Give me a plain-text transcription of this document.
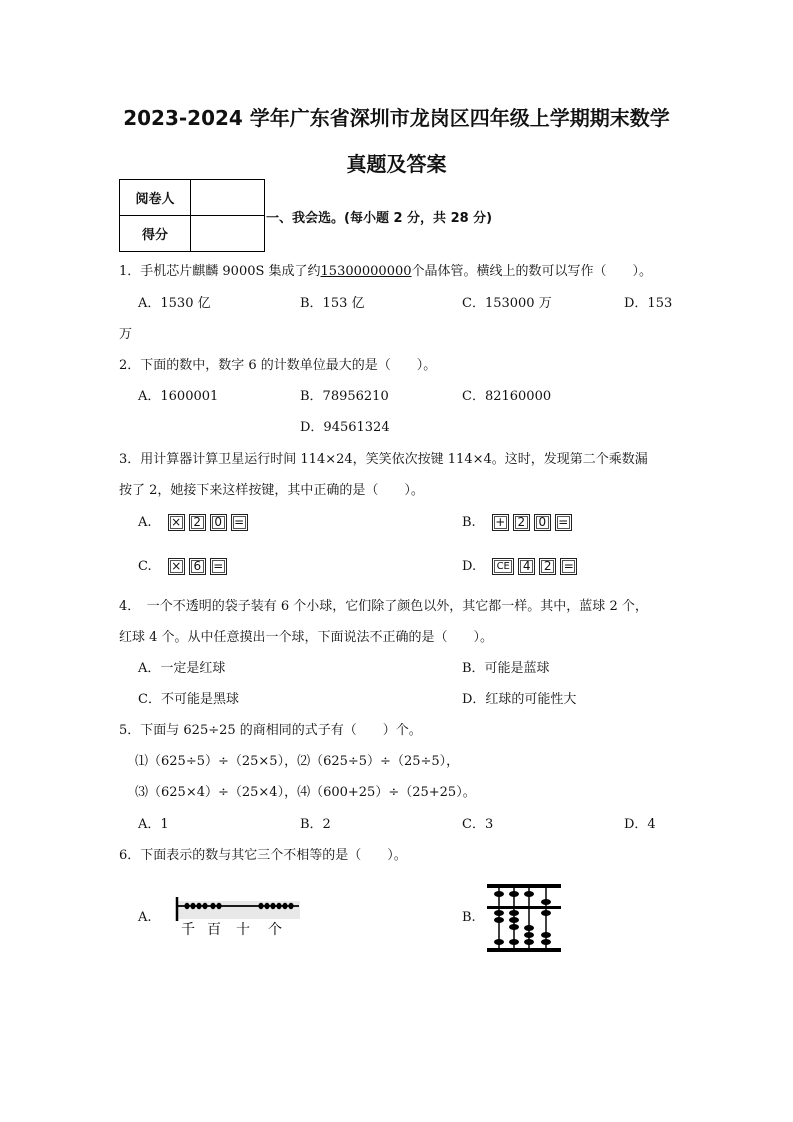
2023-2024 学年广东省深圳市龙岗区四年级上学期期末数学
真题及答案
阅卷人	
得分	
一、我会选。(每小题 2 分，共 28 分)
1．手机芯片麒麟 9000S 集成了约15300000000个晶体管。横线上的数可以写作（　　）。
A．1530 亿	B．153 亿	C．153000 万	D．153
万
2．下面的数中，数字 6 的计数单位最大的是（　　）。
A．1600001	B．78956210	C．82160000
D．94561324
3．用计算器计算卫星运行时间 114×24，笑笑依次按键 114×4。这时，发现第二个乘数漏
按了 2，她接下来这样按键，其中正确的是（　　）。
A. × 2 0 =	B. + 2 0 =
C. × 6 =	D. CE 4 2 =
4．　一个不透明的袋子装有 6 个小球，它们除了颜色以外，其它都一样。其中，蓝球 2 个，
红球 4 个。从中任意摸出一个球，下面说法不正确的是（　　）。
A．一定是红球	B．可能是蓝球
C．不可能是黑球	D．红球的可能性大
5．下面与 625÷25 的商相同的式子有（　　）个。
⑴（625÷5）÷（25×5），⑵（625÷5）÷（25÷5），
⑶（625×4）÷（25×4），⑷（600+25）÷（25+25）。
A．1	B．2	C．3	D．4
6．下面表示的数与其它三个不相等的是（　　）。
A.
千 百 十 个
B.
